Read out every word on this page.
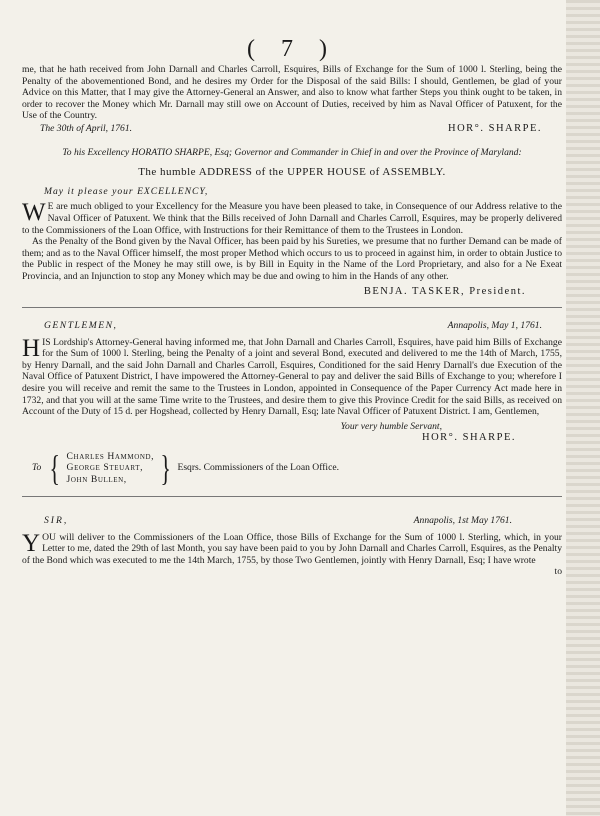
( 7 )

me, that he hath received from John Darnall and Charles Carroll, Esquires, Bills of Exchange for the Sum of 1000 l. Sterling, being the Penalty of the abovementioned Bond, and he desires my Order for the Disposal of the said Bills: I should, Gentlemen, be glad of your Advice on this Matter, that I may give the Attorney-General an Answer, and also to know what farther Steps you think ought to be taken, in order to recover the Money which Mr. Darnall may still owe on Account of Duties, received by him as Naval Officer of Patuxent, for the Use of the Country.

The 30th of April, 1761.	HOR°. SHARPE.
To his Excellency HORATIO SHARPE, Esq; Governor and Commander in Chief in and over the Province of Maryland:
The humble ADDRESS of the UPPER HOUSE of ASSEMBLY.
May it please your EXCELLENCY,

W E are much obliged to your Excellency for the Measure you have been pleased to take, in Consequence of our Address relative to the Naval Officer of Patuxent. We think that the Bills received of John Darnall and Charles Carroll, Esquires, may be properly delivered to the Commissioners of the Loan Office, with Instructions for their Remittance of them to the Trustees in London.

As the Penalty of the Bond given by the Naval Officer, has been paid by his Sureties, we presume that no further Demand can be made of them; and as to the Naval Officer himself, the most proper Method which occurs to us to proceed in against him, in order to obtain Justice to the Public in respect of the Money he may still owe, is by Bill in Equity in the Name of the Lord Proprietary, and also for a Ne Exeat Provincia, and an Injunction to stop any Money which may be due and owing to him in the Hands of any other.

BENJA. TASKER, President.
GENTLEMEN,	Annapolis, May 1, 1761.

H IS Lordship's Attorney-General having informed me, that John Darnall and Charles Carroll, Esquires, have paid him Bills of Exchange for the Sum of 1000 l. Sterling, being the Penalty of a joint and several Bond, executed and delivered to me the 14th of March, 1755, by Henry Darnall, and the said John Darnall and Charles Carroll, Esquires, Conditioned for the said Henry Darnall's due Execution of the Naval Office of Patuxent District, I have impowered the Attorney-General to pay and deliver the said Bills of Exchange to you; wherefore I desire you will receive and remit the same to the Trustees in London, appointed in Consequence of the Paper Currency Act made here in 1732, and that you will at the same Time write to the Trustees, and desire them to give this Province Credit for the said Bills, as received on Account of the Duty of 15 d. per Hogshead, collected by Henry Darnall, Esq; late Naval Officer of Patuxent District. I am, Gentlemen,

Your very humble Servant,
HOR°. SHARPE.
To { Charles Hammond,
George Steuart,
John Bullen, } Esqrs. Commissioners of the Loan Office.
SIR,	Annapolis, 1st May 1761.

Y OU will deliver to the Commissioners of the Loan Office, those Bills of Exchange for the Sum of 1000 l. Sterling, which, in your Letter to me, dated the 29th of last Month, you say have been paid to you by John Darnall and Charles Carroll, Esquires, as the Penalty of the Bond which was executed to me the 14th March, 1755, by those Two Gentlemen, jointly with Henry Darnall, Esq; I have wrote

to
